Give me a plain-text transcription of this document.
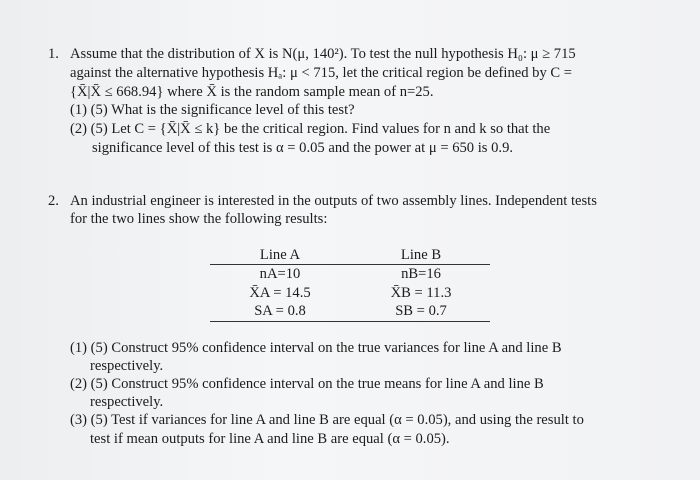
1. Assume that the distribution of X is N(μ, 140²). To test the null hypothesis H₀: μ ≥ 715
against the alternative hypothesis Hₐ: μ < 715, let the critical region be defined by C =
{X̄|X̄ ≤ 668.94} where X̄ is the random sample mean of n=25.
(1) (5) What is the significance level of this test?
(2) (5) Let C = {X̄|X̄ ≤ k} be the critical region. Find values for n and k so that the
significance level of this test is α = 0.05 and the power at μ = 650 is 0.9.
2. An industrial engineer is interested in the outputs of two assembly lines. Independent tests
for the two lines show the following results:
Line A	Line B
nA=10	nB=16
X̄A = 14.5	X̄B = 11.3
SA = 0.8	SB = 0.7
(1) (5) Construct 95% confidence interval on the true variances for line A and line B
respectively.
(2) (5) Construct 95% confidence interval on the true means for line A and line B
respectively.
(3) (5) Test if variances for line A and line B are equal (α = 0.05), and using the result to
test if mean outputs for line A and line B are equal (α = 0.05).
